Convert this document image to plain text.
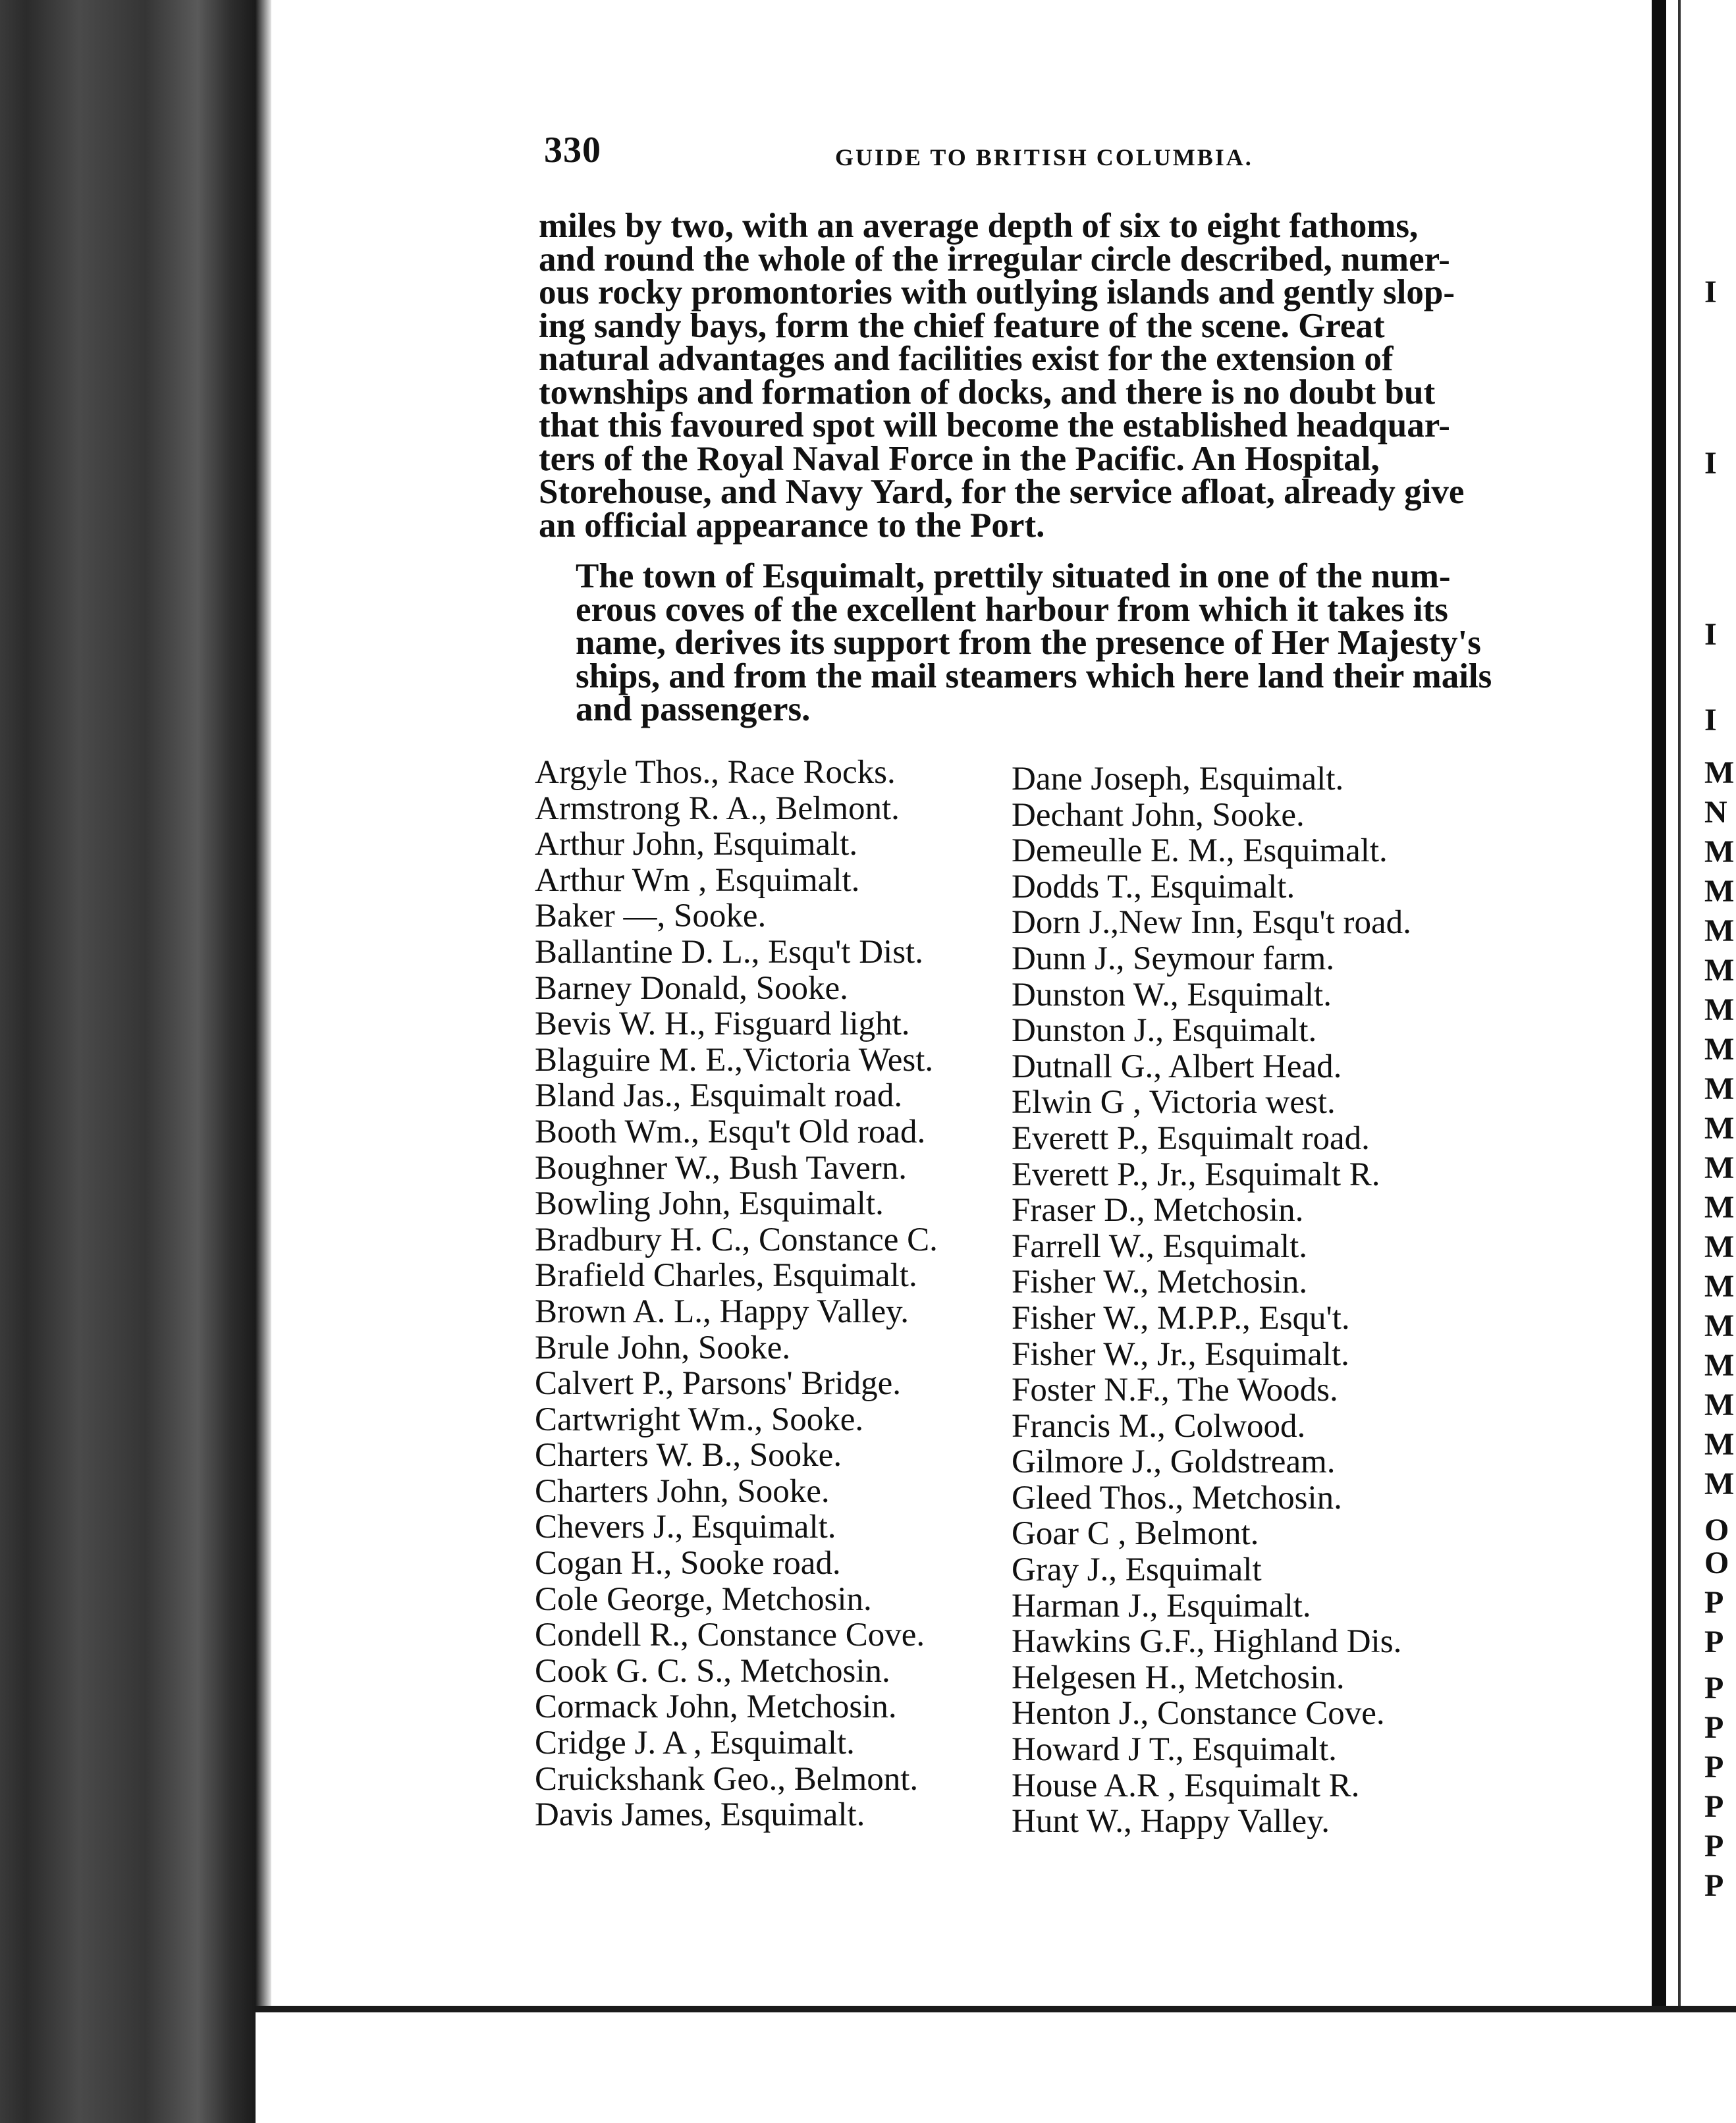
I
I
I
I
M
N
M
M
M
M
M
M
M
M
M
M
M
M
M
M
M
M
M
O
O
P
P
P
P
P
P
P
P
330	GUIDE TO BRITISH COLUMBIA.
miles by two, with an average depth of six to eight fathoms,
and round the whole of the irregular circle described, numer-
ous rocky promontories with outlying islands and gently slop-
ing sandy bays, form the chief feature of the scene. Great
natural advantages and facilities exist for the extension of
townships and formation of docks, and there is no doubt but
that this favoured spot will become the established headquar-
ters of the Royal Naval Force in the Pacific. An Hospital,
Storehouse, and Navy Yard, for the service afloat, already give
an official appearance to the Port.
The town of Esquimalt, prettily situated in one of the num-
erous coves of the excellent harbour from which it takes its
name, derives its support from the presence of Her Majesty's
ships, and from the mail steamers which here land their mails
and passengers.
Argyle Thos., Race Rocks.
Armstrong R. A., Belmont.
Arthur John, Esquimalt.
Arthur Wm , Esquimalt.
Baker —, Sooke.
Ballantine D. L., Esqu't Dist.
Barney Donald, Sooke.
Bevis W. H., Fisguard light.
Blaguire M. E.,Victoria West.
Bland Jas., Esquimalt road.
Booth Wm., Esqu't Old road.
Boughner W., Bush Tavern.
Bowling John, Esquimalt.
Bradbury H. C., Constance C.
Brafield Charles, Esquimalt.
Brown A. L., Happy Valley.
Brule John, Sooke.
Calvert P., Parsons' Bridge.
Cartwright Wm., Sooke.
Charters W. B., Sooke.
Charters John, Sooke.
Chevers J., Esquimalt.
Cogan H., Sooke road.
Cole George, Metchosin.
Condell R., Constance Cove.
Cook G. C. S., Metchosin.
Cormack John, Metchosin.
Cridge J. A , Esquimalt.
Cruickshank Geo., Belmont.
Davis James, Esquimalt.
Dane Joseph, Esquimalt.
Dechant John, Sooke.
Demeulle E. M., Esquimalt.
Dodds T., Esquimalt.
Dorn J.,New Inn, Esqu't road.
Dunn J., Seymour farm.
Dunston W., Esquimalt.
Dunston J., Esquimalt.
Dutnall G., Albert Head.
Elwin G , Victoria west.
Everett P., Esquimalt road.
Everett P., Jr., Esquimalt R.
Fraser D., Metchosin.
Farrell W., Esquimalt.
Fisher W., Metchosin.
Fisher W., M.P.P., Esqu't.
Fisher W., Jr., Esquimalt.
Foster N.F., The Woods.
Francis M., Colwood.
Gilmore J., Goldstream.
Gleed Thos., Metchosin.
Goar C , Belmont.
Gray J., Esquimalt
Harman J., Esquimalt.
Hawkins G.F., Highland Dis.
Helgesen H., Metchosin.
Henton J., Constance Cove.
Howard J T., Esquimalt.
House A.R , Esquimalt R.
Hunt W., Happy Valley.
